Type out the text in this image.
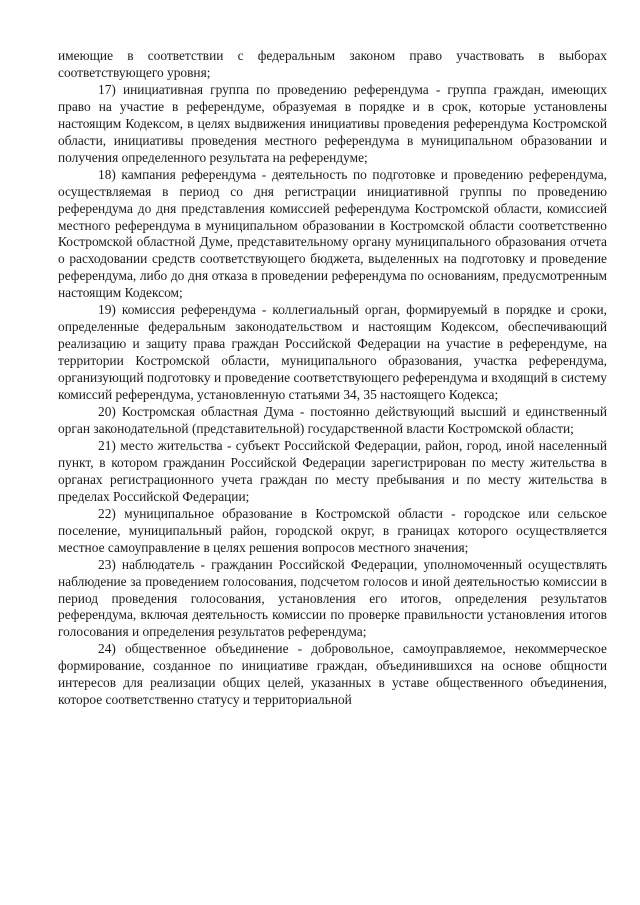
имеющие в соответствии с федеральным законом право участвовать в выборах соответствующего уровня;

17) инициативная группа по проведению референдума - группа граждан, имеющих право на участие в референдуме, образуемая в порядке и в срок, которые установлены настоящим Кодексом, в целях выдвижения инициативы проведения референдума Костромской области, инициативы проведения местного референдума в муниципальном образовании и получения определенного результата на референдуме;

18) кампания референдума - деятельность по подготовке и проведению референдума, осуществляемая в период со дня регистрации инициативной группы по проведению референдума до дня представления комиссией референдума Костромской области, комиссией местного референдума в муниципальном образовании в Костромской области соответственно Костромской областной Думе, представительному органу муниципального образования отчета о расходовании средств соответствующего бюджета, выделенных на подготовку и проведение референдума, либо до дня отказа в проведении референдума по основаниям, предусмотренным настоящим Кодексом;

19) комиссия референдума - коллегиальный орган, формируемый в порядке и сроки, определенные федеральным законодательством и настоящим Кодексом, обеспечивающий реализацию и защиту права граждан Российской Федерации на участие в референдуме, на территории Костромской области, муниципального образования, участка референдума, организующий подготовку и проведение соответствующего референдума и входящий в систему комиссий референдума, установленную статьями 34, 35 настоящего Кодекса;

20) Костромская областная Дума - постоянно действующий высший и единственный орган законодательной (представительной) государственной власти Костромской области;

21) место жительства - субъект Российской Федерации, район, город, иной населенный пункт, в котором гражданин Российской Федерации зарегистрирован по месту жительства в органах регистрационного учета граждан по месту пребывания и по месту жительства в пределах Российской Федерации;

22) муниципальное образование в Костромской области - городское или сельское поселение, муниципальный район, городской округ, в границах которого осуществляется местное самоуправление в целях решения вопросов местного значения;

23) наблюдатель - гражданин Российской Федерации, уполномоченный осуществлять наблюдение за проведением голосования, подсчетом голосов и иной деятельностью комиссии в период проведения голосования, установления его итогов, определения результатов референдума, включая деятельность комиссии по проверке правильности установления итогов голосования и определения результатов референдума;

24) общественное объединение - добровольное, самоуправляемое, некоммерческое формирование, созданное по инициативе граждан, объединившихся на основе общности интересов для реализации общих целей, указанных в уставе общественного объединения, которое соответственно статусу и территориальной
